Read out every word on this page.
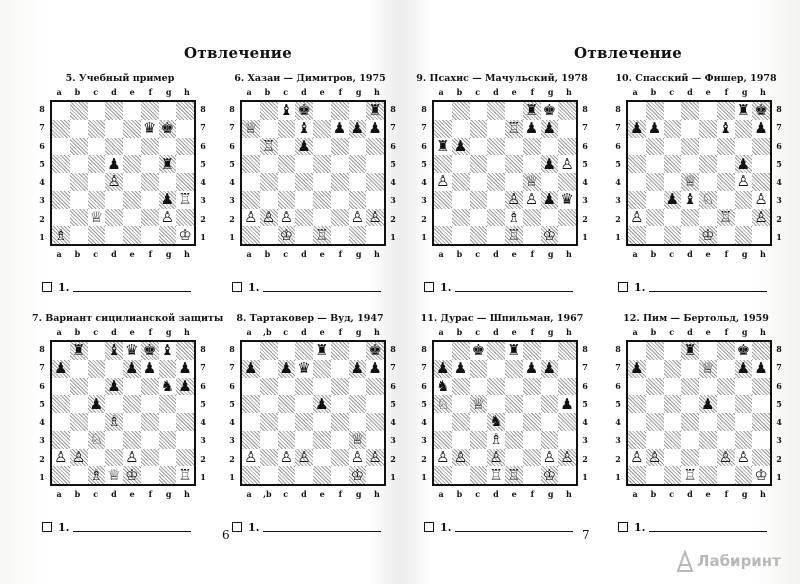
Отвлечение	Отвлечение
5. Учебный пример
a	b	c	d	e	f	g	h
a	b	c	d	e	f	g	h
8
7
6
5
4
3
2
1
8
7
6
5
4
3
2
1
♛ ♚
♟	♜
♙
♟ ♖
♕	♙
♗	♔
1.
6. Хазаи — Димитров, 1975
a	b	c	d	e	f	g	h
a	b	c	d	e	f	g	h
8
7
6
5
4
3
2
1
8
7
6
5
4
3
2
1
♝ ♚	♜
♕	♝ ♟ ♟ ♟
♖ ♟
♙ ♙ ♙	♙ ♙
♔ ♖
1.
9. Псахис — Мачульский, 1978
a	b	c	d	e	f	g	h
a	b	c	d	e	f	g	h
8
7
6
5
4
3
2
1
8
7
6
5
4
3
2
1
♜ ♚
♖ ♟ ♟
♜ ♟
♟ ♙
♙	♕
♙ ♙ ♟ ♛
♗
♖ ♔
1.
10. Спасский — Фишер, 1978
a	b	c	d	e	f	g	h
a	b	c	d	e	f	g	h
8
7
6
5
4
3
2
1
8
7
6
5
4
3
2
1
♜ ♚
♟ ♟	♝ ♟
♟
♕	♙
♟ ♝ ♘	♙
♙	♖ ♙
♔
1.
7. Вариант сицилианской защиты
a	b	c	d	e	f	g	h
a	b	c	d	e	f	g	h
8
7
6
5
4
3
2
1
8
7
6
5
4
3
2
1
♜ ♝ ♛ ♚ ♝
♟	♟ ♟ ♟
♟	♞ ♟
♟
♗
♘
♙ ♙	♙
♗ ♕ ♔	♖
1.
8. Тартаковер — Вуд, 1947
a	,b	c	d	e	f	g	h
a	,b	c	d	e	f	g	h
8
7
6
5
4
3
2
1
8
7
6
5
4
3
2
1
♜	♚
♟ ♟ ♛	♟ ♟
♟
♕
♙ ♙ ♙	♙ ♙
♔
1.
11. Дурас — Шпильман, 1967
a	b	c	d	e	f	g	h
a	b	c	d	e	f	g	h
8
7
6
5
4
3
2
1
8
7
6
5
4
3
2
1
♚ ♜
♟ ♟	♟ ♟
♞
♘ ♕	♟
♞
♗
♙ ♙ ♙	♙ ♙
♖ ♖ ♔
1.
12. Пим — Бертольд, 1959
a	b	c	d	e	f	g	h
a	b	c	d	e	f	g	h
8
7
6
5
4
3
2
1
8
7
6
5
4
3
2
1
♜	♚
♟	♕ ♟ ♟
♟
♙ ♙	♙ ♙
♖	♔
1.
6	7
Лабиринт
